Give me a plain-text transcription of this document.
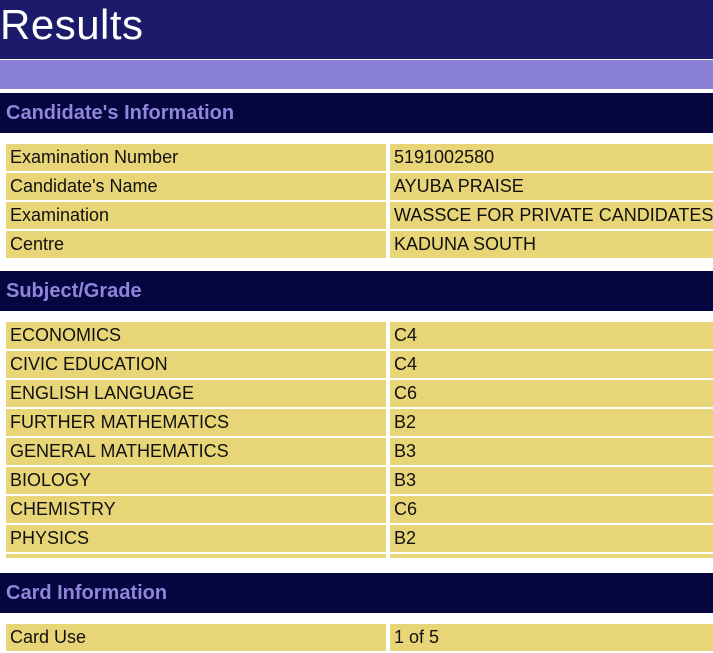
Results
Candidate's Information
Examination Number	5191002580
Candidate's Name	AYUBA PRAISE
Examination	WASSCE FOR PRIVATE CANDIDATES
Centre	KADUNA SOUTH
Subject/Grade
ECONOMICS	C4
CIVIC EDUCATION	C4
ENGLISH LANGUAGE	C6
FURTHER MATHEMATICS	B2
GENERAL MATHEMATICS	B3
BIOLOGY	B3
CHEMISTRY	C6
PHYSICS	B2
Card Information
Card Use	1 of 5
